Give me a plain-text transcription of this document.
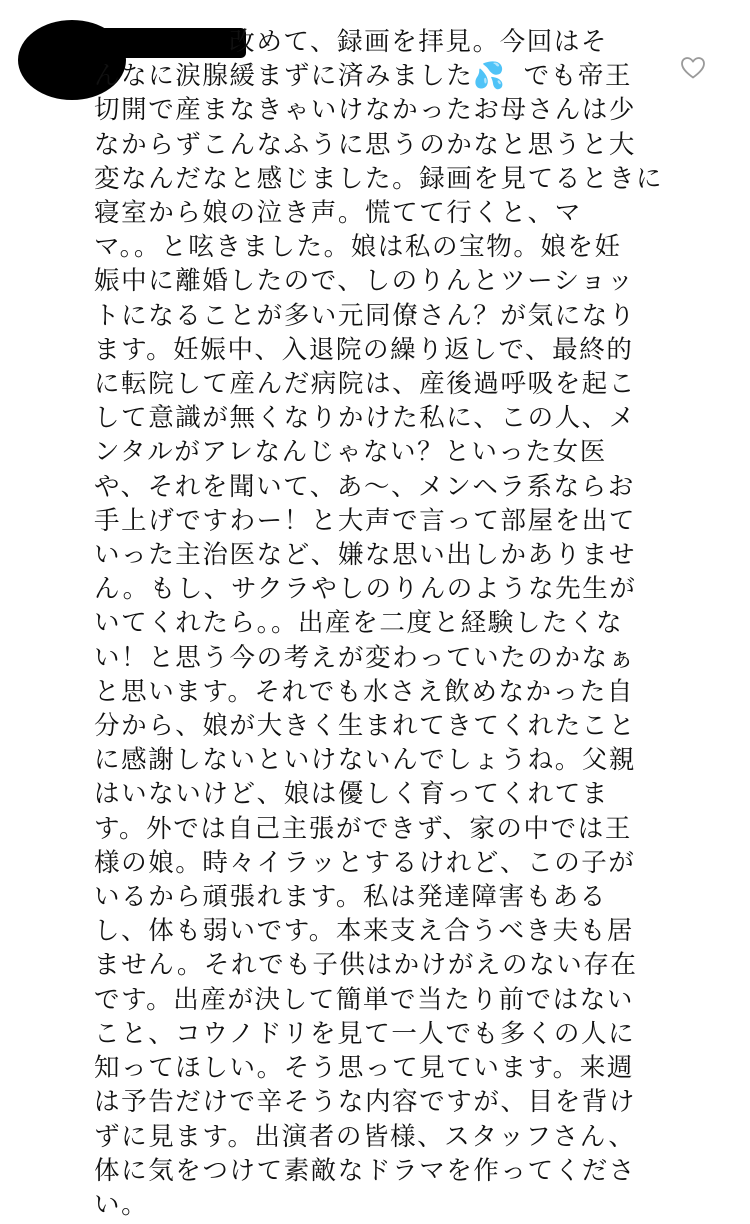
改めて、録画を拝見。今回はそ
んなに涙腺緩まずに済みました💦 でも帝王
切開で産まなきゃいけなかったお母さんは少
なからずこんなふうに思うのかなと思うと大
変なんだなと感じました。録画を見てるときに
寝室から娘の泣き声。慌てて行くと、マ
マ。。と呟きました。娘は私の宝物。娘を妊
娠中に離婚したので、しのりんとツーショッ
トになることが多い元同僚さん？が気になり
ます。妊娠中、入退院の繰り返しで、最終的
に転院して産んだ病院は、産後過呼吸を起こ
して意識が無くなりかけた私に、この人、メ
ンタルがアレなんじゃない？といった女医
や、それを聞いて、あ〜、メンヘラ系ならお
手上げですわー！と大声で言って部屋を出て
いった主治医など、嫌な思い出しかありませ
ん。もし、サクラやしのりんのような先生が
いてくれたら。。出産を二度と経験したくな
い！と思う今の考えが変わっていたのかなぁ
と思います。それでも水さえ飲めなかった自
分から、娘が大きく生まれてきてくれたこと
に感謝しないといけないんでしょうね。父親
はいないけど、娘は優しく育ってくれてま
す。外では自己主張ができず、家の中では王
様の娘。時々イラッとするけれど、この子が
いるから頑張れます。私は発達障害もある
し、体も弱いです。本来支え合うべき夫も居
ません。それでも子供はかけがえのない存在
です。出産が決して簡単で当たり前ではない
こと、コウノドリを見て一人でも多くの人に
知ってほしい。そう思って見ています。来週
は予告だけで辛そうな内容ですが、目を背け
ずに見ます。出演者の皆様、スタッフさん、
体に気をつけて素敵なドラマを作ってくださ
い。
